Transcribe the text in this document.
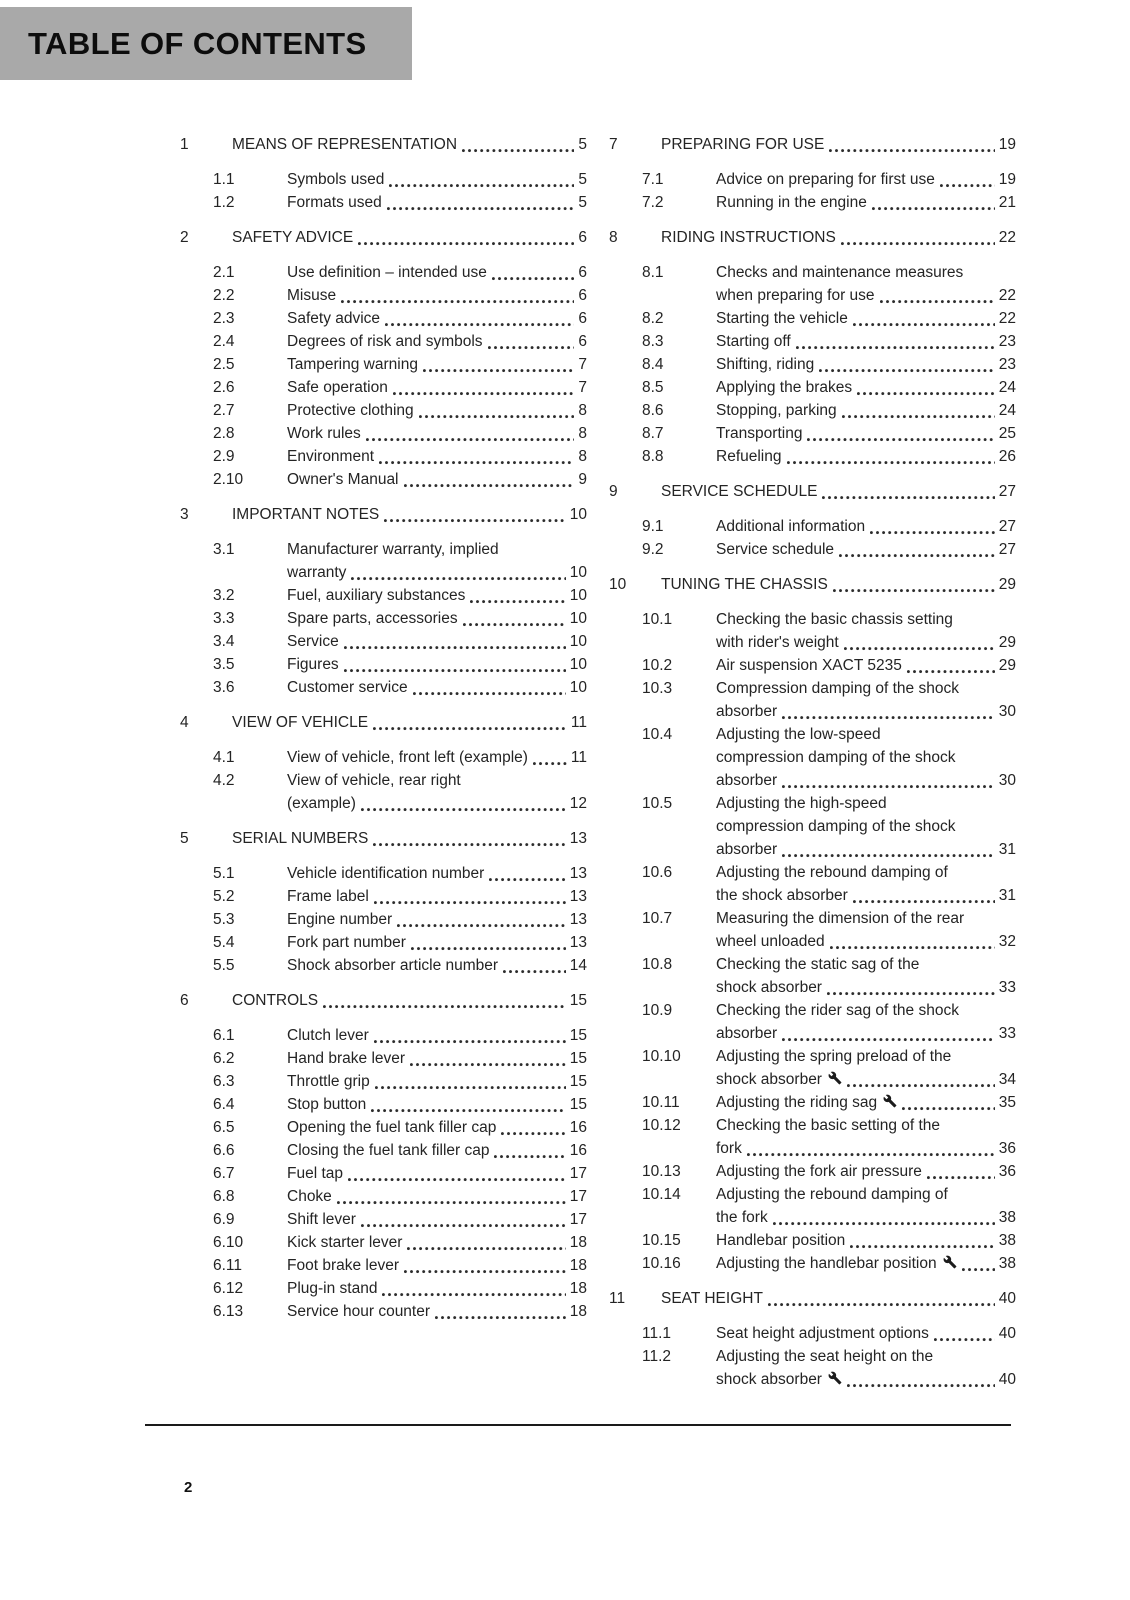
TABLE OF CONTENTS
1	MEANS OF REPRESENTATION	5
1.1	Symbols used	5
1.2	Formats used	5
2	SAFETY ADVICE	6
2.1	Use definition – intended use	6
2.2	Misuse	6
2.3	Safety advice	6
2.4	Degrees of risk and symbols	6
2.5	Tampering warning	7
2.6	Safe operation	7
2.7	Protective clothing	8
2.8	Work rules	8
2.9	Environment	8
2.10	Owner's Manual	9
3	IMPORTANT NOTES	10
3.1	Manufacturer warranty, implied
warranty	10
3.2	Fuel, auxiliary substances	10
3.3	Spare parts, accessories	10
3.4	Service	10
3.5	Figures	10
3.6	Customer service	10
4	VIEW OF VEHICLE	11
4.1	View of vehicle, front left (example)	11
4.2	View of vehicle, rear right
(example)	12
5	SERIAL NUMBERS	13
5.1	Vehicle identification number	13
5.2	Frame label	13
5.3	Engine number	13
5.4	Fork part number	13
5.5	Shock absorber article number	14
6	CONTROLS	15
6.1	Clutch lever	15
6.2	Hand brake lever	15
6.3	Throttle grip	15
6.4	Stop button	15
6.5	Opening the fuel tank filler cap	16
6.6	Closing the fuel tank filler cap	16
6.7	Fuel tap	17
6.8	Choke	17
6.9	Shift lever	17
6.10	Kick starter lever	18
6.11	Foot brake lever	18
6.12	Plug-in stand	18
6.13	Service hour counter	18
7	PREPARING FOR USE	19
7.1	Advice on preparing for first use	19
7.2	Running in the engine	21
8	RIDING INSTRUCTIONS	22
8.1	Checks and maintenance measures
when preparing for use	22
8.2	Starting the vehicle	22
8.3	Starting off	23
8.4	Shifting, riding	23
8.5	Applying the brakes	24
8.6	Stopping, parking	24
8.7	Transporting	25
8.8	Refueling	26
9	SERVICE SCHEDULE	27
9.1	Additional information	27
9.2	Service schedule	27
10	TUNING THE CHASSIS	29
10.1	Checking the basic chassis setting
with rider's weight	29
10.2	Air suspension XACT 5235	29
10.3	Compression damping of the shock
absorber	30
10.4	Adjusting the low-speed
compression damping of the shock
absorber	30
10.5	Adjusting the high-speed
compression damping of the shock
absorber	31
10.6	Adjusting the rebound damping of
the shock absorber	31
10.7	Measuring the dimension of the rear
wheel unloaded	32
10.8	Checking the static sag of the
shock absorber	33
10.9	Checking the rider sag of the shock
absorber	33
10.10	Adjusting the spring preload of the
shock absorber	34
10.11	Adjusting the riding sag	35
10.12	Checking the basic setting of the
fork	36
10.13	Adjusting the fork air pressure	36
10.14	Adjusting the rebound damping of
the fork	38
10.15	Handlebar position	38
10.16	Adjusting the handlebar position	38
11	SEAT HEIGHT	40
11.1	Seat height adjustment options	40
11.2	Adjusting the seat height on the
shock absorber	40
2
